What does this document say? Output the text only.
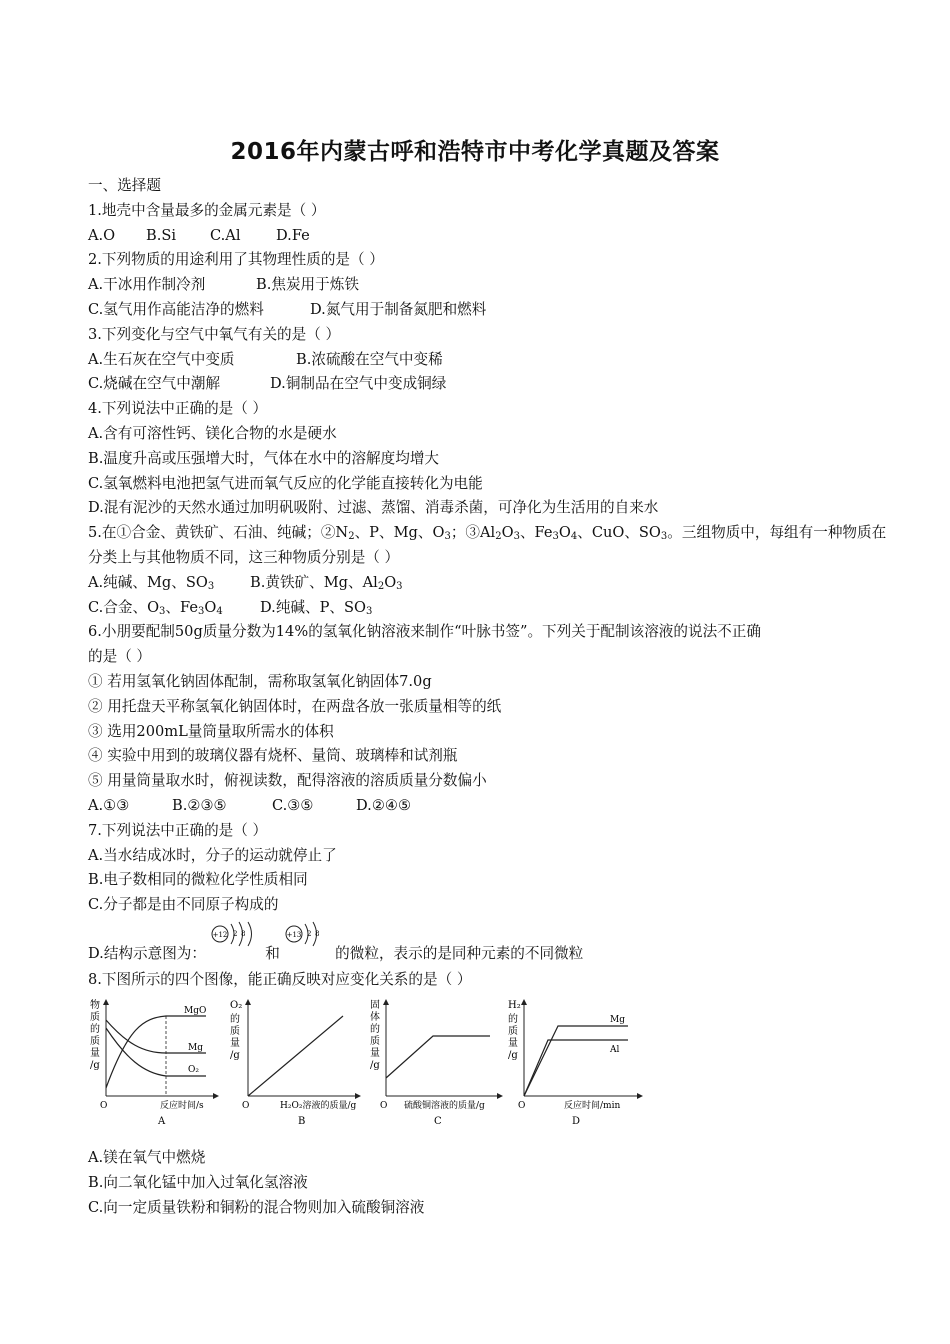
2016年内蒙古呼和浩特市中考化学真题及答案
一、选择题
1.地壳中含量最多的金属元素是（ ）
A.O B.Si C.Al D.Fe
2.下列物质的用途利用了其物理性质的是（ ）
A.干冰用作制冷剂	B.焦炭用于炼铁
C.氢气用作高能洁净的燃料	D.氮气用于制备氮肥和燃料
3.下列变化与空气中氧气有关的是（ ）
A.生石灰在空气中变质	B.浓硫酸在空气中变稀
C.烧碱在空气中潮解	D.铜制品在空气中变成铜绿
4.下列说法中正确的是（ ）
A.含有可溶性钙、镁化合物的水是硬水
B.温度升高或压强增大时，气体在水中的溶解度均增大
C.氢氧燃料电池把氢气进而氧气反应的化学能直接转化为电能
D.混有泥沙的天然水通过加明矾吸附、过滤、蒸馏、消毒杀菌，可净化为生活用的自来水
5.在①合金、黄铁矿、石油、纯碱；$②N_2$、P、Mg、$O_3$；$③Al_2O_3$、$Fe_3O_4$、CuO、$SO_3$。三组物质中，每组有一种物质在
分类上与其他物质不同，这三种物质分别是（ ）
A.纯碱、Mg、$SO_3$ B.黄铁矿、Mg、$Al_2O_3$
C.合金、$O_3$、$Fe_3O_4$	D.纯碱、P、$SO_3$
6.小朋要配制50g质量分数为14%的氢氧化钠溶液来制作“叶脉书签”。下列关于配制该溶液的说法不正确
的是（ ）
① 若用氢氧化钠固体配制，需称取氢氧化钠固体7.0g
② 用托盘天平称氢氧化钠固体时，在两盘各放一张质量相等的纸
③ 选用200mL量筒量取所需水的体积
④ 实验中用到的玻璃仪器有烧杯、量筒、玻璃棒和试剂瓶
⑤ 用量筒量取水时，俯视读数，配得溶液的溶质质量分数偏小
A.①③	B.②③⑤	C.③⑤	D.②④⑤
7.下列说法中正确的是（ ）
A.当水结成冰时，分子的运动就停止了
B.电子数相同的微粒化学性质相同
C.分子都是由不同原子构成的
D.结构示意图为：
+12 2 8
和
+13 2 8
的微粒，表示的是同种元素的不同微粒
8.下图所示的四个图像，能正确反映对应变化关系的是（ ）
物
质
的
质
量
/g
MgO
Mg
O₂
O	反应时间/s
A
O₂
的
质
量
/g
O	H₂O₂溶液的质量/g
B
固
体
的
质
量
/g
O 硫酸铜溶液的质量/g
C
H₂
的
质
量
/g
Mg
Al
O	反应时间/min
D
A.镁在氧气中燃烧
B.向二氧化锰中加入过氧化氢溶液
C.向一定质量铁粉和铜粉的混合物则加入硫酸铜溶液
